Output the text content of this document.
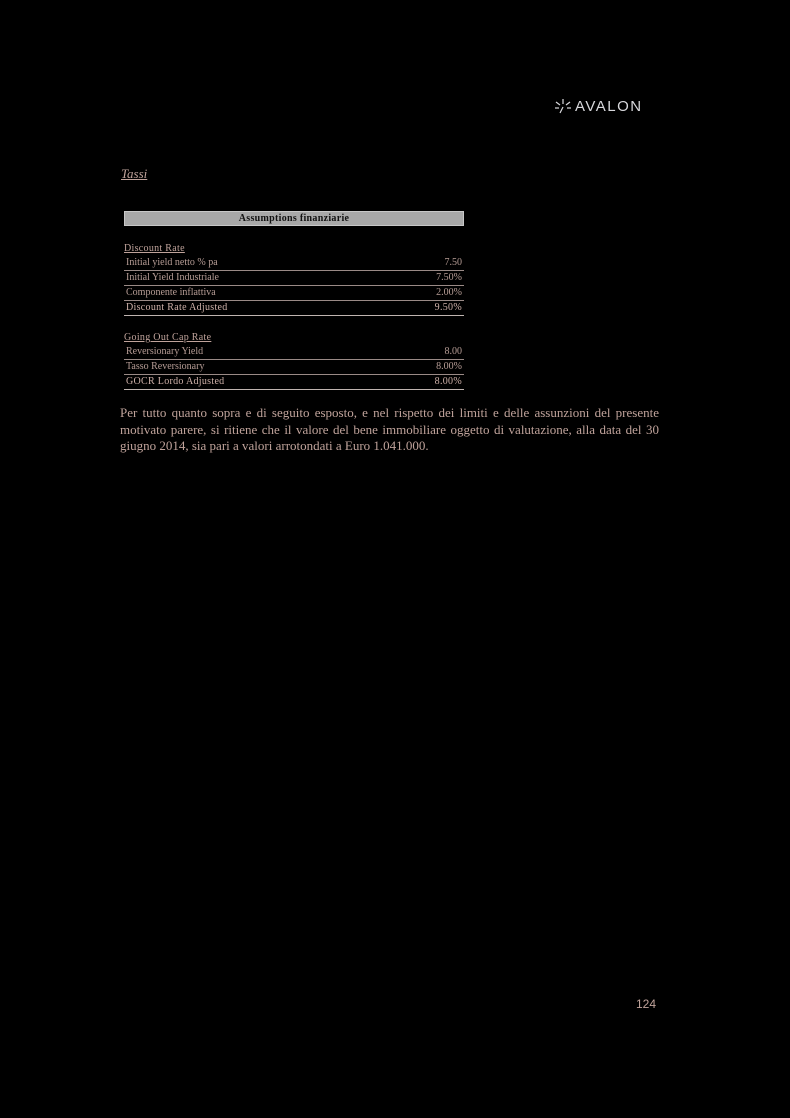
AVALON
Tassi
Assumptions finanziarie
Discount Rate
Initial yield netto % pa	7.50
Initial Yield Industriale	7.50%
Componente inflattiva	2.00%
Discount Rate Adjusted	9.50%
Going Out Cap Rate
Reversionary Yield	8.00
Tasso Reversionary	8.00%
GOCR Lordo Adjusted	8.00%
Per tutto quanto sopra e di seguito esposto, e nel rispetto dei limiti e delle assunzioni del presente motivato parere, si ritiene che il valore del bene immobiliare oggetto di valutazione, alla data del 30 giugno 2014, sia pari a valori arrotondati a Euro 1.041.000.
124
